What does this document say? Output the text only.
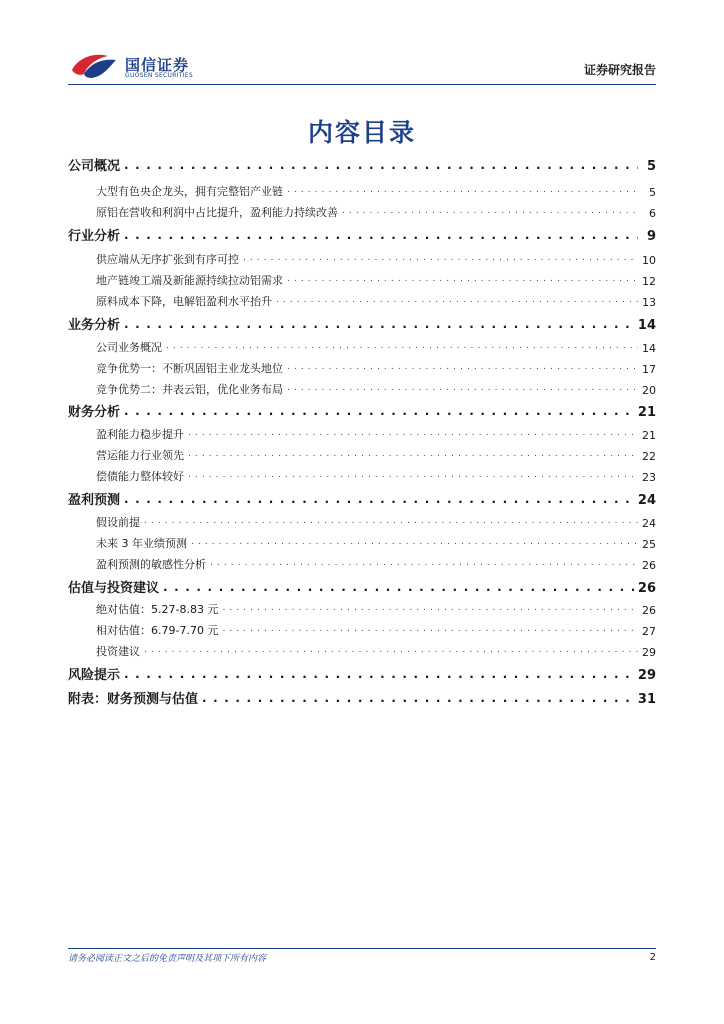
国信证券
GUOSEN SECURITIES	证券研究报告
内容目录
公司概况 . . .	5
大型有色央企龙头，拥有完整铝产业链 . . .	5
原铝在营收和利润中占比提升，盈利能力持续改善 . . .	6
行业分析 . . .	9
供应端从无序扩张到有序可控 . . .	10
地产链竣工端及新能源持续拉动铝需求 . . .	12
原料成本下降，电解铝盈利水平抬升 . . .	13
业务分析 . . .	14
公司业务概况 . . .	14
竞争优势一：不断巩固铝主业龙头地位 . . .	17
竞争优势二：并表云铝，优化业务布局 . . .	20
财务分析 . . .	21
盈利能力稳步提升 . . .	21
营运能力行业领先 . . .	22
偿债能力整体较好 . . .	23
盈利预测 . . .	24
假设前提 . . .	24
未来 3 年业绩预测 . . .	25
盈利预测的敏感性分析 . . .	26
估值与投资建议 . . .	26
绝对估值：5.27-8.83 元 . . .	26
相对估值：6.79-7.70 元 . . .	27
投资建议 . . .	29
风险提示 . . .	29
附表：财务预测与估值 . . .	31
请务必阅读正文之后的免责声明及其项下所有内容	2
